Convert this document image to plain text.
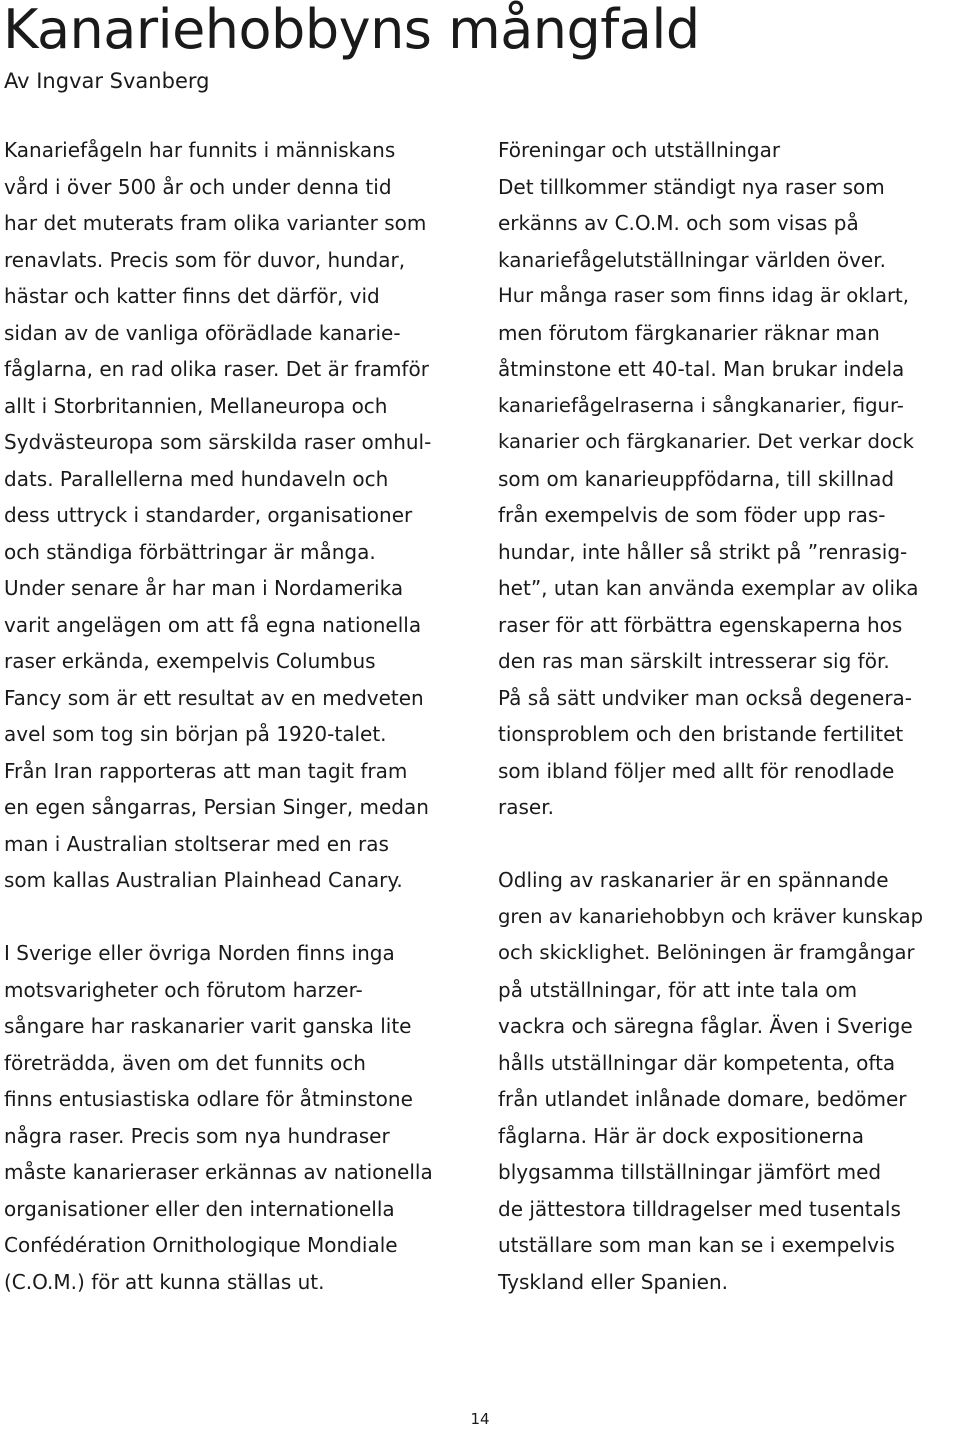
Kanariehobbyns mångfald
Av Ingvar Svanberg
Kanariefågeln har funnits i människans
vård i över 500 år och under denna tid
har det muterats fram olika varianter som
renavlats. Precis som för duvor, hundar,
hästar och katter finns det därför, vid
sidan av de vanliga oförädlade kanarie-
fåglarna, en rad olika raser. Det är framför
allt i Storbritannien, Mellaneuropa och
Sydvästeuropa som särskilda raser omhul-
dats. Parallellerna med hundaveln och
dess uttryck i standarder, organisationer
och ständiga förbättringar är många.
Under senare år har man i Nordamerika
varit angelägen om att få egna nationella
raser erkända, exempelvis Columbus
Fancy som är ett resultat av en medveten
avel som tog sin början på 1920-talet.
Från Iran rapporteras att man tagit fram
en egen sångarras, Persian Singer, medan
man i Australian stoltserar med en ras
som kallas Australian Plainhead Canary.
I Sverige eller övriga Norden finns inga
motsvarigheter och förutom harzer-
sångare har raskanarier varit ganska lite
företrädda, även om det funnits och
finns entusiastiska odlare för åtminstone
några raser. Precis som nya hundraser
måste kanarieraser erkännas av nationella
organisationer eller den internationella
Confédération Ornithologique Mondiale
(C.O.M.) för att kunna ställas ut.
Föreningar och utställningar
Det tillkommer ständigt nya raser som
erkänns av C.O.M. och som visas på
kanariefågelutställningar världen över.
Hur många raser som finns idag är oklart,
men förutom färgkanarier räknar man
åtminstone ett 40-tal. Man brukar indela
kanariefågelraserna i sångkanarier, figur-
kanarier och färgkanarier. Det verkar dock
som om kanarieuppfödarna, till skillnad
från exempelvis de som föder upp ras-
hundar, inte håller så strikt på ”renrasig-
het”, utan kan använda exemplar av olika
raser för att förbättra egenskaperna hos
den ras man särskilt intresserar sig för.
På så sätt undviker man också degenera-
tionsproblem och den bristande fertilitet
som ibland följer med allt för renodlade
raser.
Odling av raskanarier är en spännande
gren av kanariehobbyn och kräver kunskap
och skicklighet. Belöningen är framgångar
på utställningar, för att inte tala om
vackra och säregna fåglar. Även i Sverige
hålls utställningar där kompetenta, ofta
från utlandet inlånade domare, bedömer
fåglarna. Här är dock expositionerna
blygsamma tillställningar jämfört med
de jättestora tilldragelser med tusentals
utställare som man kan se i exempelvis
Tyskland eller Spanien.
14
